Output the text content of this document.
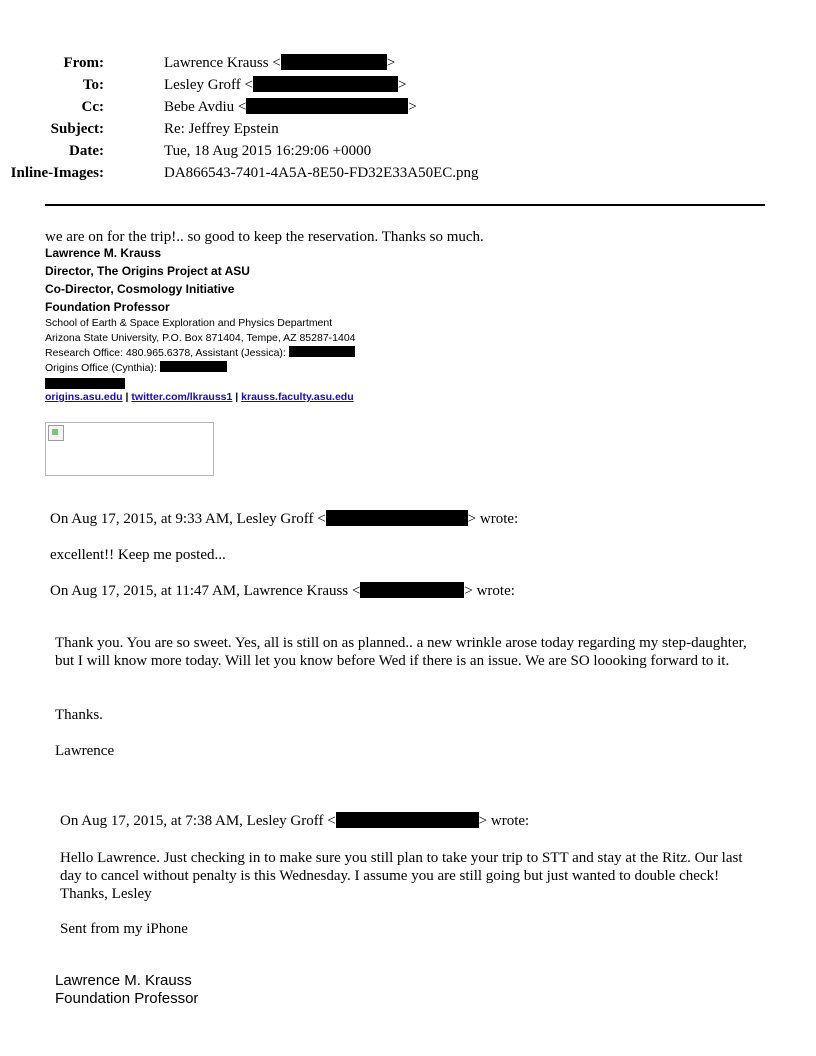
From:	Lawrence Krauss <	>
To:	Lesley Groff <	>
Cc:	Bebe Avdiu <	>
Subject:	Re: Jeffrey Epstein
Date:	Tue, 18 Aug 2015 16:29:06 +0000
Inline-Images:	DA866543-7401-4A5A-8E50-FD32E33A50EC.png
we are on for the trip!.. so good to keep the reservation. Thanks so much.
Lawrence M. Krauss
Director, The Origins Project at ASU
Co-Director, Cosmology Initiative
Foundation Professor
School of Earth & Space Exploration and Physics Department
Arizona State University, P.O. Box 871404, Tempe, AZ 85287-1404
Research Office: 480.965.6378, Assistant (Jessica):
Origins Office (Cynthia):
origins.asu.edu | twitter.com/lkrauss1 | krauss.faculty.asu.edu
On Aug 17, 2015, at 9:33 AM, Lesley Groff <	> wrote:
excellent!! Keep me posted...
On Aug 17, 2015, at 11:47 AM, Lawrence Krauss <	> wrote:
Thank you. You are so sweet. Yes, all is still on as planned.. a new wrinkle arose today regarding my step-daughter, but I will know more today. Will let you know before Wed if there is an issue. We are SO loooking forward to it.
Thanks.
Lawrence
On Aug 17, 2015, at 7:38 AM, Lesley Groff <	> wrote:
Hello Lawrence. Just checking in to make sure you still plan to take your trip to STT and stay at the Ritz. Our last day to cancel without penalty is this Wednesday. I assume you are still going but just wanted to double check! Thanks, Lesley
Sent from my iPhone
Lawrence M. Krauss
Foundation Professor
